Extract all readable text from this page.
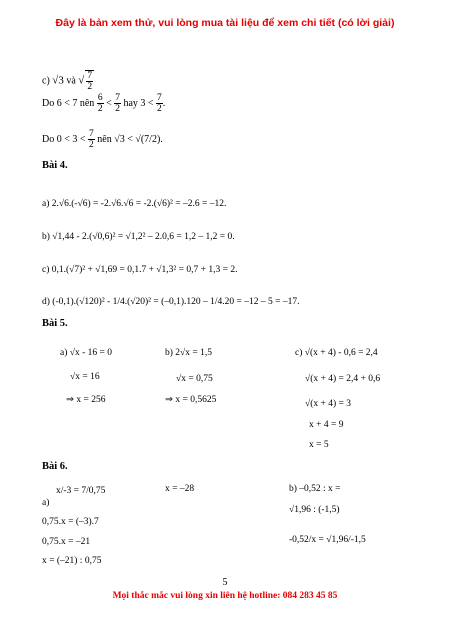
Đây là bản xem thử, vui lòng mua tài liệu để xem chi tiết (có lời giải)
c) √3 và √ $\frac{7}{2}$
Do 6 < 7 nên $\frac{6}{2} < \frac{7}{2}$ hay $3 < \frac{7}{2}$ .
Do $0 < 3 < \frac{7}{2}$ nên √3 < √(7/2).
Bài 4.
a) 2.√6.(-√6) = -2.√6.√6 = -2.(√6)² = –2.6 = –12.
b) √1,44 - 2.(√0,6)² = √1,2² – 2.0,6 = 1,2 – 1,2 = 0.
c) 0,1.(√7)² + √1,69 = 0,1.7 + √1,3² = 0,7 + 1,3 = 2.
d) (-0,1).(√120)² - 1/4.(√20)² = (–0,1).120 – 1/4.20 = –12 – 5 = –17.
Bài 5.
a) √x - 16 = 0
√x = 16
⇒ x = 256
b) 2√x = 1,5
√x = 0,75
⇒ x = 0,5625
c) √(x + 4) - 0,6 = 2,4
√(x + 4) = 2,4 + 0,6
√(x + 4) = 3
x + 4 = 9
x = 5
Bài 6.
a)
x/-3 = 7/0,75
0,75.x = (–3).7
0,75.x = –21
x = (–21) : 0,75
x = –28	b) –0,52 : x =
√1,96 : (-1,5)
-0,52/x = √1,96/-1,5
5
Mọi thắc mắc vui lòng xin liên hệ hotline: 084 283 45 85
